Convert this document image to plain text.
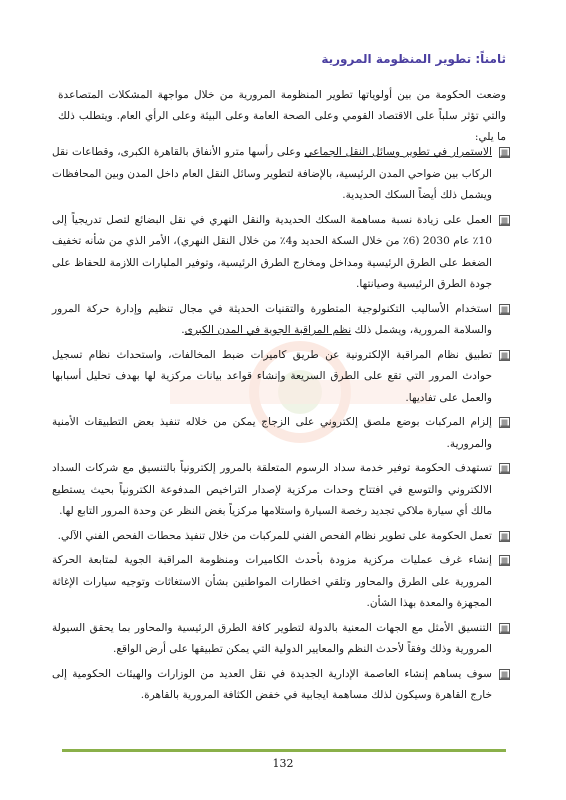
ثامناً: تطوير المنظومة المرورية

وضعت الحكومة من بين أولوياتها تطوير المنظومة المرورية من خلال مواجهة المشكلات المتصاعدة والتي تؤثر سلباً على الاقتصاد القومي وعلى الصحة العامة وعلى البيئة وعلى الرأي العام. ويتطلب ذلك ما يلي:

الاستمرار في تطوير وسائل النقل الجماعي وعلى رأسها مترو الأنفاق بالقاهرة الكبرى، وقطاعات نقل الركاب بين ضواحي المدن الرئيسية، بالإضافة لتطوير وسائل النقل العام داخل المدن وبين المحافظات ويشمل ذلك أيضاً السكك الحديدية.
العمل على زيادة نسبة مساهمة السكك الحديدية والنقل النهري في نقل البضائع لتصل تدريجياً إلى 10٪ عام 2030 (6٪ من خلال السكة الحديد و4٪ من خلال النقل النهري)، الأمر الذي من شأنه تخفيف الضغط على الطرق الرئيسية ومداخل ومخارج الطرق الرئيسية، وتوفير المليارات اللازمة للحفاظ على جودة الطرق الرئيسية وصيانتها.
استخدام الأساليب التكنولوجية المتطورة والتقنيات الحديثة في مجال تنظيم وإدارة حركة المرور والسلامة المرورية، ويشمل ذلك نظم المراقبة الجوية في المدن الكبرى.
تطبيق نظام المراقبة الإلكترونية عن طريق كاميرات ضبط المخالفات، واستحداث نظام تسجيل حوادث المرور التي تقع على الطرق السريعة وإنشاء قواعد بيانات مركزية لها بهدف تحليل أسبابها والعمل على تفاديها.
إلزام المركبات بوضع ملصق إلكتروني على الزجاج يمكن من خلاله تنفيذ بعض التطبيقات الأمنية والمرورية.
تستهدف الحكومة توفير خدمة سداد الرسوم المتعلقة بالمرور إلكترونياً بالتنسيق مع شركات السداد الالكتروني والتوسع في افتتاح وحدات مركزية لإصدار التراخيص المدفوعة الكترونياً بحيث يستطيع مالك أي سيارة ملاكي تجديد رخصة السيارة واستلامها مركزياً بغض النظر عن وحدة المرور التابع لها.
تعمل الحكومة على تطوير نظام الفحص الفني للمركبات من خلال تنفيذ محطات الفحص الفني الآلي.
إنشاء غرف عمليات مركزية مزودة بأحدث الكاميرات ومنظومة المراقبة الجوية لمتابعة الحركة المرورية على الطرق والمحاور وتلقي اخطارات المواطنين بشأن الاستغاثات وتوجيه سيارات الإغاثة المجهزة والمعدة بهذا الشأن.
التنسيق الأمثل مع الجهات المعنية بالدولة لتطوير كافة الطرق الرئيسية والمحاور بما يحقق السيولة المرورية وذلك وفقاً لأحدث النظم والمعايير الدولية التي يمكن تطبيقها على أرض الواقع.
سوف يساهم إنشاء العاصمة الإدارية الجديدة في نقل العديد من الوزارات والهيئات الحكومية إلى خارج القاهرة وسيكون لذلك مساهمة ايجابية في خفض الكثافة المرورية بالقاهرة.
132
